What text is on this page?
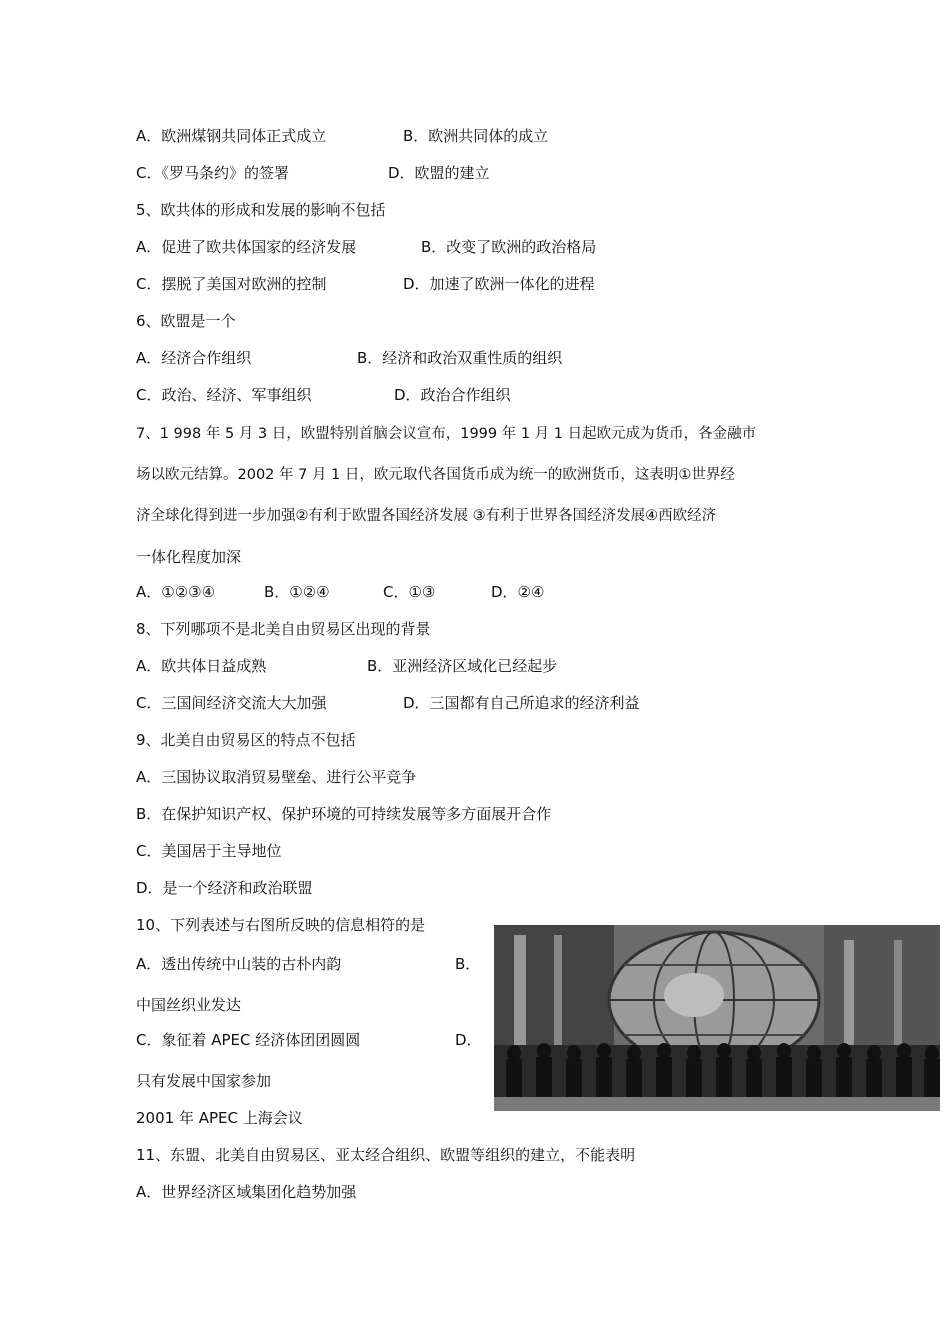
A．欧洲煤钢共同体正式成立	B．欧洲共同体的成立
C．《罗马条约》的签署	D．欧盟的建立
5、欧共体的形成和发展的影响不包括
A．促进了欧共体国家的经济发展	B．改变了欧洲的政治格局
C．摆脱了美国对欧洲的控制	D．加速了欧洲一体化的进程
6、欧盟是一个
A．经济合作组织	B．经济和政治双重性质的组织
C．政治、经济、军事组织	D．政治合作组织
7、1 998 年 5 月 3 日，欧盟特别首脑会议宣布，1999 年 1 月 1 日起欧元成为货币，各金融市
场以欧元结算。2002 年 7 月 1 日，欧元取代各国货币成为统一的欧洲货币，这表明①世界经
济全球化得到进一步加强②有利于欧盟各国经济发展 ③有利于世界各国经济发展④西欧经济
一体化程度加深
A．①②③④	B．①②④	C．①③	D．②④
8、下列哪项不是北美自由贸易区出现的背景
A．欧共体日益成熟	B．亚洲经济区域化已经起步
C．三国间经济交流大大加强	D．三国都有自己所追求的经济利益
9、北美自由贸易区的特点不包括
A．三国协议取消贸易壁垒、进行公平竞争
B．在保护知识产权、保护环境的可持续发展等多方面展开合作
C．美国居于主导地位
D．是一个经济和政治联盟
10、下列表述与右图所反映的信息相符的是
A．透出传统中山装的古朴内韵	B．
中国丝织业发达
C．象征着 APEC 经济体团团圆圆	D．
只有发展中国家参加
2001 年 APEC 上海会议
11、东盟、北美自由贸易区、亚太经合组织、欧盟等组织的建立，不能表明
A．世界经济区域集团化趋势加强
